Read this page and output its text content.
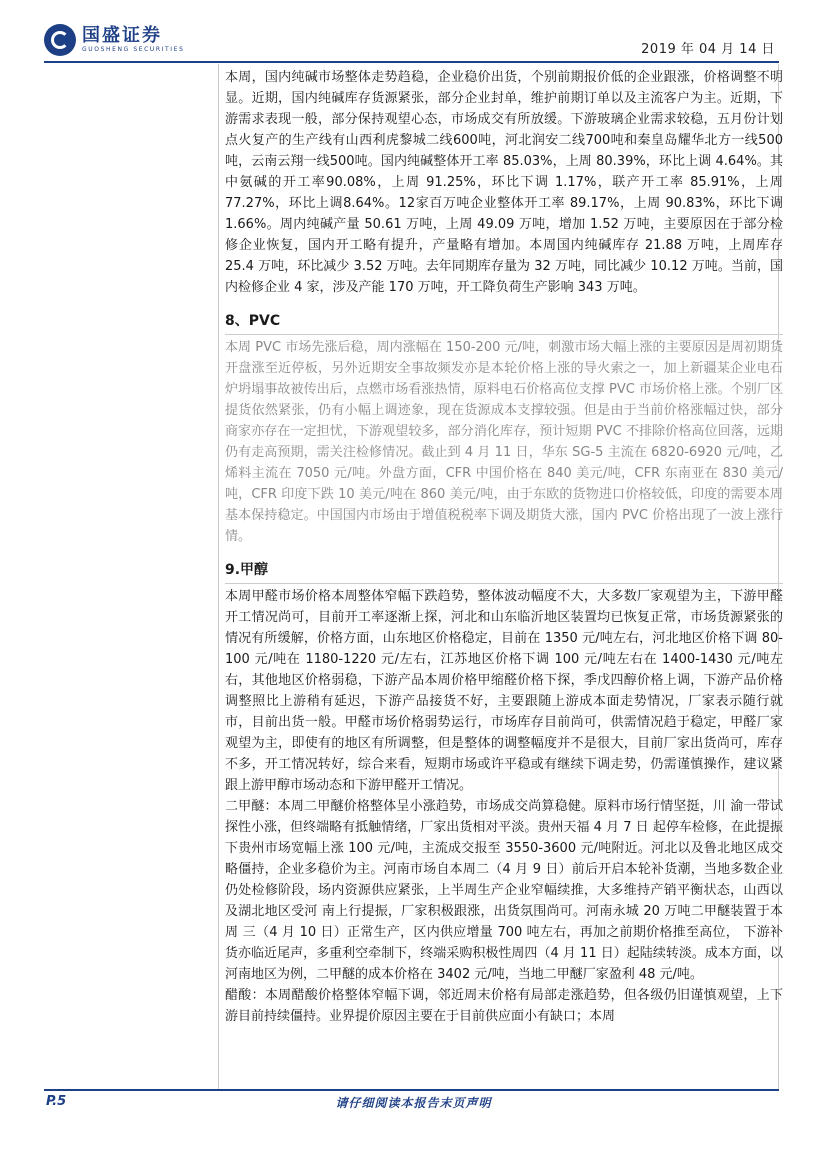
国盛证券
GUOSHENG SECURITIES	2019 年 04 月 14 日

本周，国内纯碱市场整体走势趋稳，企业稳价出货，个别前期报价低的企业跟涨，价格调整不明显。近期，国内纯碱库存货源紧张，部分企业封单，维护前期订单以及主流客户为主。近期，下游需求表现一般，部分保持观望心态，市场成交有所放缓。下游玻璃企业需求较稳，五月份计划点火复产的生产线有山西利虎黎城二线600吨，河北润安二线700吨和秦皇岛耀华北方一线500吨，云南云翔一线500吨。国内纯碱整体开工率 85.03%，上周 80.39%，环比上调 4.64%。其中氨碱的开工率90.08%，上周 91.25%，环比下调 1.17%，联产开工率 85.91%，上周 77.27%，环比上调8.64%。12家百万吨企业整体开工率 89.17%，上周 90.83%，环比下调 1.66%。周内纯碱产量 50.61 万吨，上周 49.09 万吨，增加 1.52 万吨，主要原因在于部分检修企业恢复，国内开工略有提升，产量略有增加。本周国内纯碱库存 21.88 万吨，上周库存 25.4 万吨，环比减少 3.52 万吨。去年同期库存量为 32 万吨，同比减少 10.12 万吨。当前，国内检修企业 4 家，涉及产能 170 万吨，开工降负荷生产影响 343 万吨。

8、PVC

本周 PVC 市场先涨后稳，周内涨幅在 150-200 元/吨，刺激市场大幅上涨的主要原因是周初期货开盘涨至近停板，另外近期安全事故频发亦是本轮价格上涨的导火索之一，加上新疆某企业电石炉坍塌事故被传出后，点燃市场看涨热情，原料电石价格高位支撑 PVC 市场价格上涨。个别厂区提货依然紧张，仍有小幅上调迹象，现在货源成本支撑较强。但是由于当前价格涨幅过快，部分商家亦存在一定担忧，下游观望较多，部分消化库存，预计短期 PVC 不排除价格高位回落，远期仍有走高预期，需关注检修情况。截止到 4 月 11 日，华东 SG-5 主流在 6820-6920 元/吨，乙烯料主流在 7050 元/吨。外盘方面，CFR 中国价格在 840 美元/吨，CFR 东南亚在 830 美元/吨，CFR 印度下跌 10 美元/吨在 860 美元/吨，由于东欧的货物进口价格较低，印度的需要本周基本保持稳定。中国国内市场由于增值税税率下调及期货大涨，国内 PVC 价格出现了一波上涨行情。

9.甲醇

本周甲醛市场价格本周整体窄幅下跌趋势，整体波动幅度不大，大多数厂家观望为主，下游甲醛开工情况尚可，目前开工率逐渐上探，河北和山东临沂地区装置均已恢复正常，市场货源紧张的情况有所缓解，价格方面，山东地区价格稳定，目前在 1350 元/吨左右，河北地区价格下调 80-100 元/吨在 1180-1220 元/左右，江苏地区价格下调 100 元/吨左右在 1400-1430 元/吨左右，其他地区价格弱稳，下游产品本周价格甲缩醛价格下探，季戊四醇价格上调，下游产品价格调整照比上游稍有延迟，下游产品接货不好，主要跟随上游成本面走势情况，厂家表示随行就市，目前出货一般。甲醛市场价格弱势运行，市场库存目前尚可，供需情况趋于稳定，甲醛厂家观望为主，即使有的地区有所调整，但是整体的调整幅度并不是很大，目前厂家出货尚可，库存不多，开工情况转好，综合来看，短期市场或许平稳或有继续下调走势，仍需谨慎操作，建议紧跟上游甲醇市场动态和下游甲醛开工情况。

二甲醚：本周二甲醚价格整体呈小涨趋势，市场成交尚算稳健。原料市场行情坚挺，川 渝一带试探性小涨，但终端略有抵触情绪，厂家出货相对平淡。贵州天福 4 月 7 日 起停车检修，在此提振下贵州市场宽幅上涨 100 元/吨，主流成交报至 3550-3600 元/吨附近。河北以及鲁北地区成交略僵持，企业多稳价为主。河南市场自本周二（4 月 9 日）前后开启本轮补货潮，当地多数企业仍处检修阶段，场内资源供应紧张，上半周生产企业窄幅续推，大多维持产销平衡状态，山西以及湖北地区受河 南上行提振，厂家积极跟涨，出货氛围尚可。河南永城 20 万吨二甲醚装置于本周 三（4 月 10 日）正常生产，区内供应增量 700 吨左右，再加之前期价格推至高位， 下游补货亦临近尾声，多重利空牵制下，终端采购积极性周四（4 月 11 日）起陆续转淡。成本方面，以河南地区为例，二甲醚的成本价格在 3402 元/吨，当地二甲醚厂家盈利 48 元/吨。

醋酸：本周醋酸价格整体窄幅下调，邻近周末价格有局部走涨趋势，但各级仍旧谨慎观望，上下游目前持续僵持。业界提价原因主要在于目前供应面小有缺口；本周

P.5	请仔细阅读本报告末页声明
